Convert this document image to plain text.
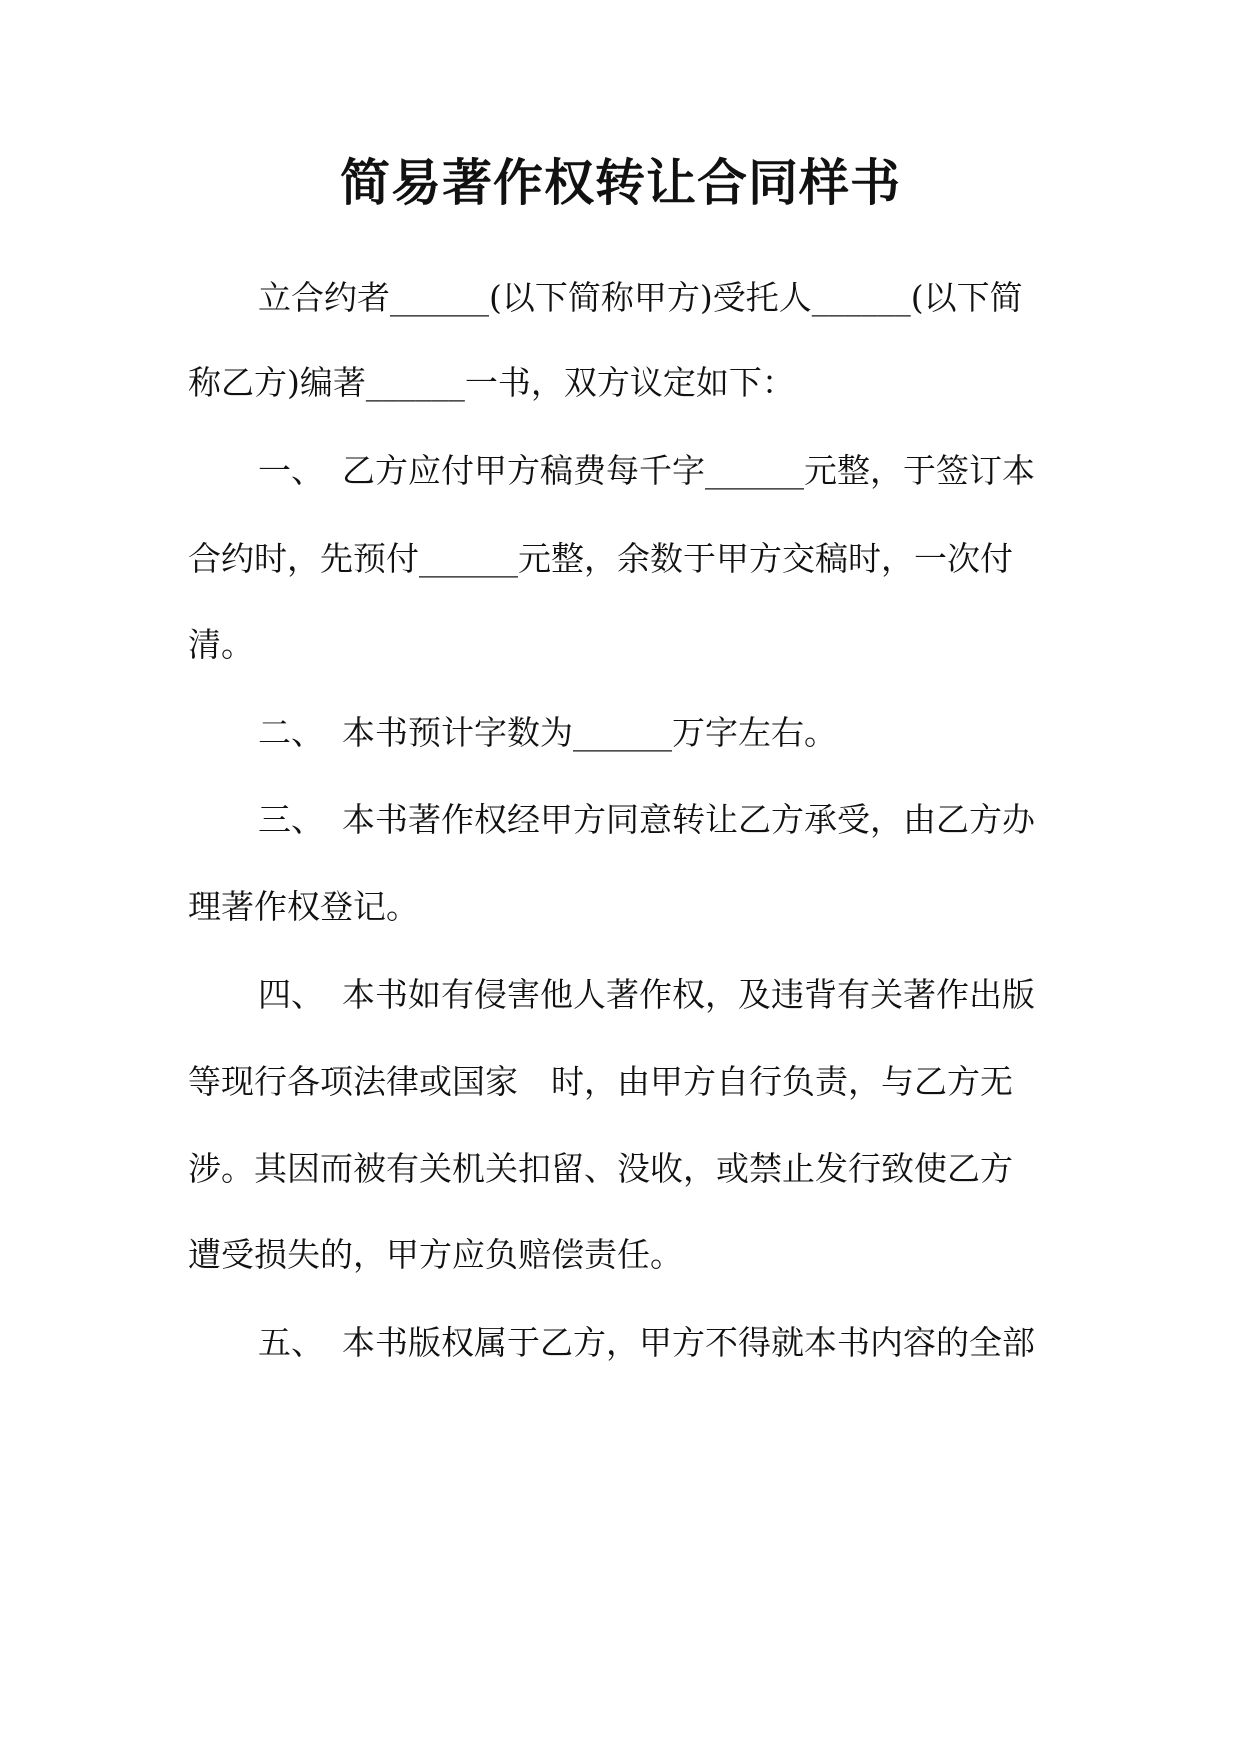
简易著作权转让合同样书
立合约者______(以下简称甲方)受托人______(以下简
称乙方)编著______一书，双方议定如下：
一、 乙方应付甲方稿费每千字______元整，于签订本
合约时，先预付______元整，余数于甲方交稿时，一次付
清。
二、 本书预计字数为______万字左右。
三、 本书著作权经甲方同意转让乙方承受，由乙方办
理著作权登记。
四、 本书如有侵害他人著作权，及违背有关著作出版
等现行各项法律或国家　时，由甲方自行负责，与乙方无
涉。其因而被有关机关扣留、没收，或禁止发行致使乙方
遭受损失的，甲方应负赔偿责任。
五、 本书版权属于乙方，甲方不得就本书内容的全部
